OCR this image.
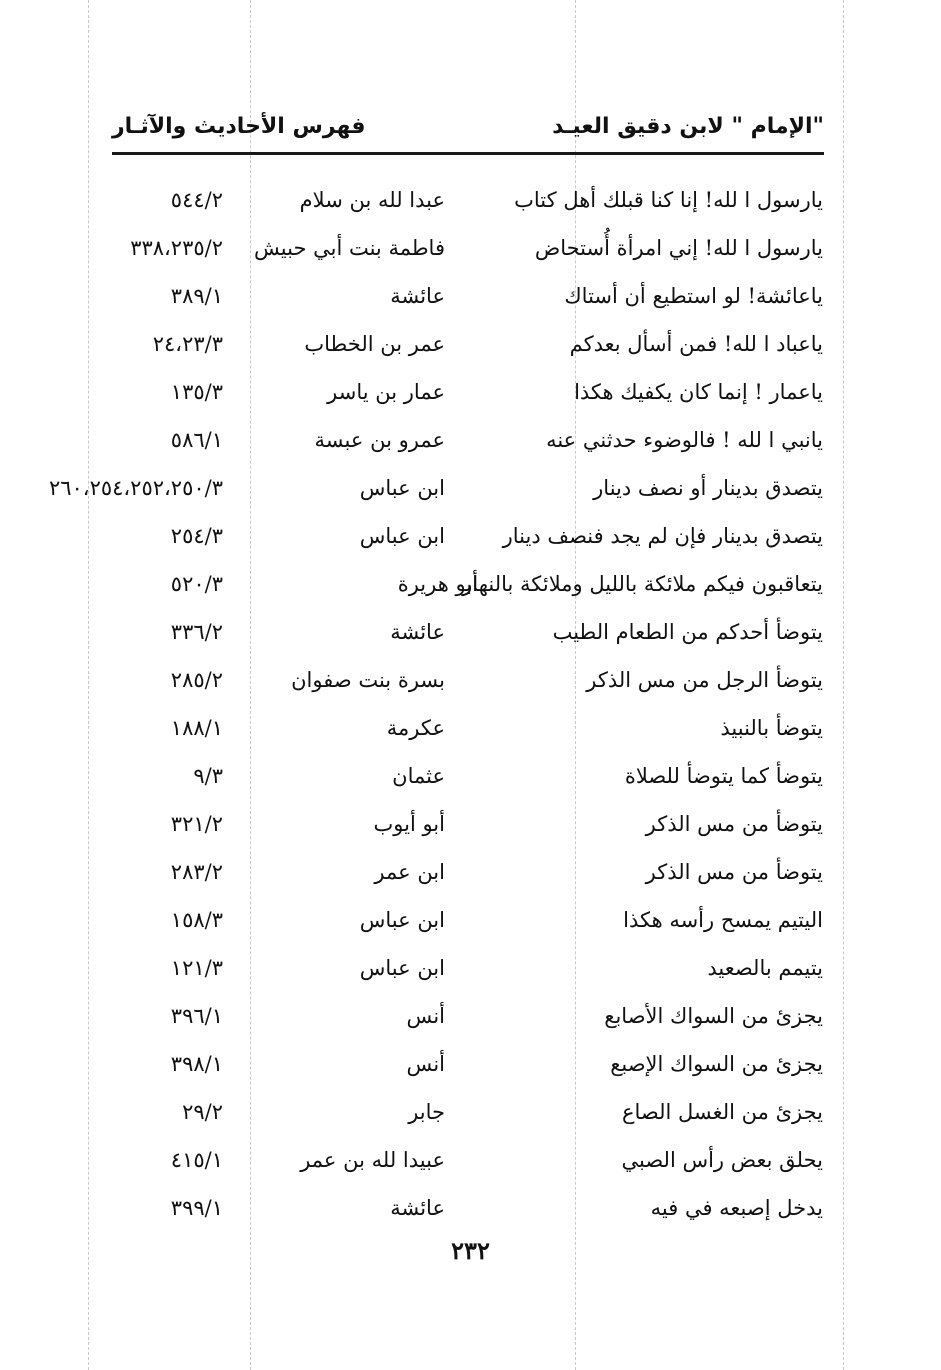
"الإمام " لابن دقيق العيـد
فهرس الأحاديث والآثـار
يارسول ا لله! إنا كنا قبلك أهل كتاب
عبدا لله بن سلام
٥٤٤/٢
يارسول ا لله! إني امرأة أُستحاض
فاطمة بنت أبي حبيش
٣٣٨،٢٣٥/٢
ياعائشة! لو استطيع أن أستاك
عائشة
٣٨٩/١
ياعباد ا لله! فمن أسأل بعدكم
عمر بن الخطاب
٢٤،٢٣/٣
ياعمار ! إنما كان يكفيك هكذا
عمار بن ياسر
١٣٥/٣
يانبي ا لله ! فالوضوء حدثني عنه
عمرو بن عبسة
٥٨٦/١
يتصدق بدينار أو نصف دينار
ابن عباس
٢٦٠،٢٥٤،٢٥٢،٢٥٠/٣
يتصدق بدينار فإن لم يجد فنصف دينار
ابن عباس
٢٥٤/٣
يتعاقبون فيكم ملائكة بالليل وملائكة بالنهار
أبو هريرة
٥٢٠/٣
يتوضأ أحدكم من الطعام الطيب
عائشة
٣٣٦/٢
يتوضأ الرجل من مس الذكر
بسرة بنت صفوان
٢٨٥/٢
يتوضأ بالنبيذ
عكرمة
١٨٨/١
يتوضأ كما يتوضأ للصلاة
عثمان
٩/٣
يتوضأ من مس الذكر
أبو أيوب
٣٢١/٢
يتوضأ من مس الذكر
ابن عمر
٢٨٣/٢
اليتيم يمسح رأسه هكذا
ابن عباس
١٥٨/٣
يتيمم بالصعيد
ابن عباس
١٢١/٣
يجزئ من السواك الأصابع
أنس
٣٩٦/١
يجزئ من السواك الإصبع
أنس
٣٩٨/١
يجزئ من الغسل الصاع
جابر
٢٩/٢
يحلق بعض رأس الصبي
عبيدا لله بن عمر
٤١٥/١
يدخل إصبعه في فيه
عائشة
٣٩٩/١
٢٣٢
